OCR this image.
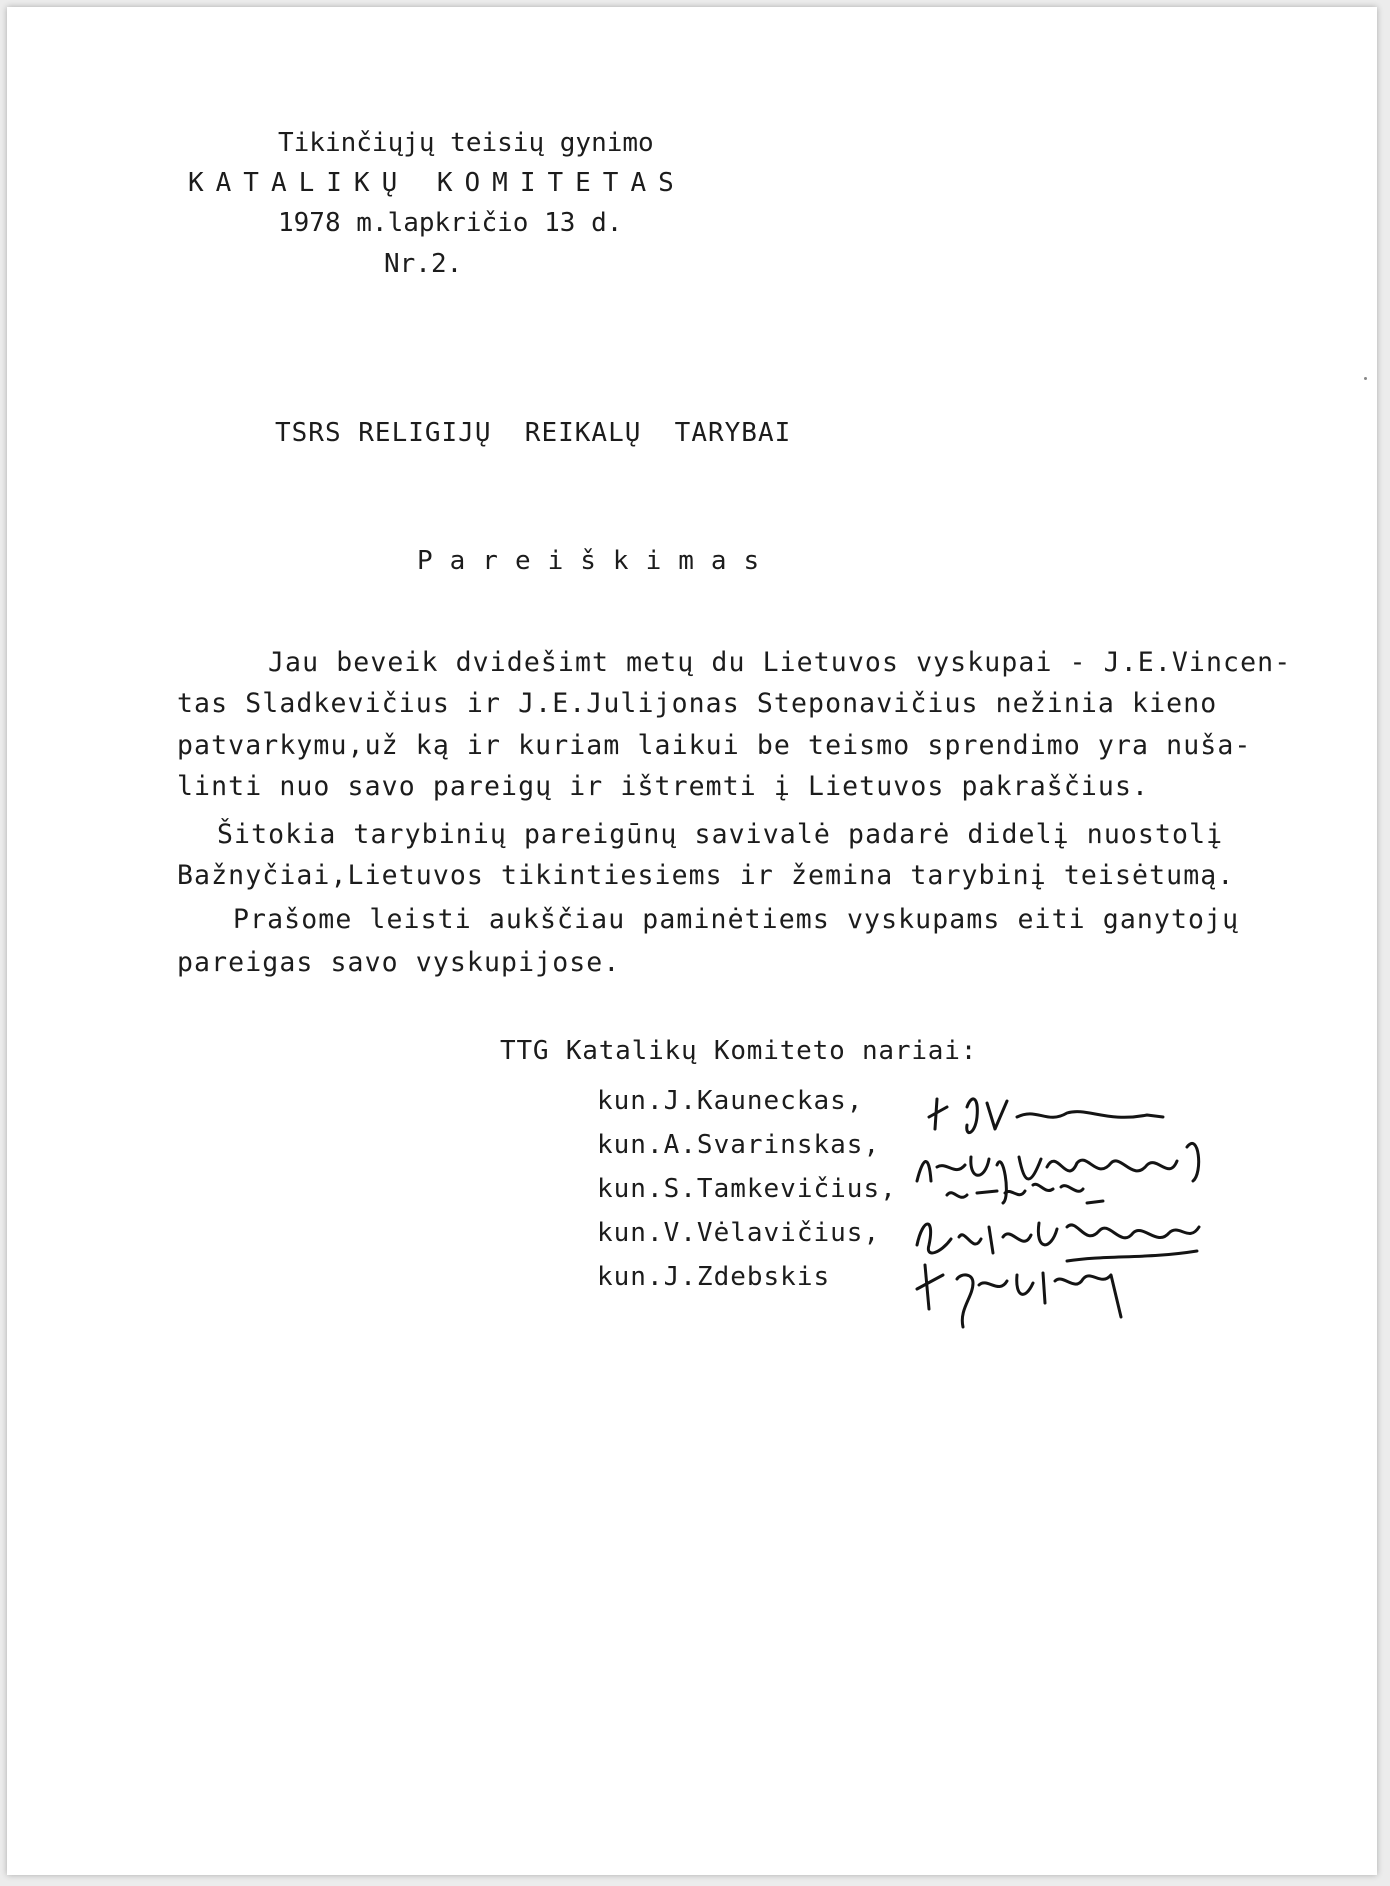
Tikinčiųjų teisių gynimo
KATALIKŲ KOMITETAS
1978 m.lapkričio 13 d.
Nr.2.
TSRS RELIGIJŲ  REIKALŲ  TARYBAI
Pareiškimas
Jau beveik dvidešimt metų du Lietuvos vyskupai - J.E.Vincen-
tas Sladkevičius ir J.E.Julijonas Steponavičius nežinia kieno
patvarkymu,už ką ir kuriam laikui be teismo sprendimo yra nuša-
linti nuo savo pareigų ir ištremti į Lietuvos pakraščius.
Šitokia tarybinių pareigūnų savivalė padarė didelį nuostolį
Bažnyčiai,Lietuvos tikintiesiems ir žemina tarybinį teisėtumą.
Prašome leisti aukščiau paminėtiems vyskupams eiti ganytojų
pareigas savo vyskupijose.
TTG Katalikų Komiteto nariai:
kun.J.Kauneckas,
kun.A.Svarinskas,
kun.S.Tamkevičius,
kun.V.Vėlavičius,
kun.J.Zdebskis
